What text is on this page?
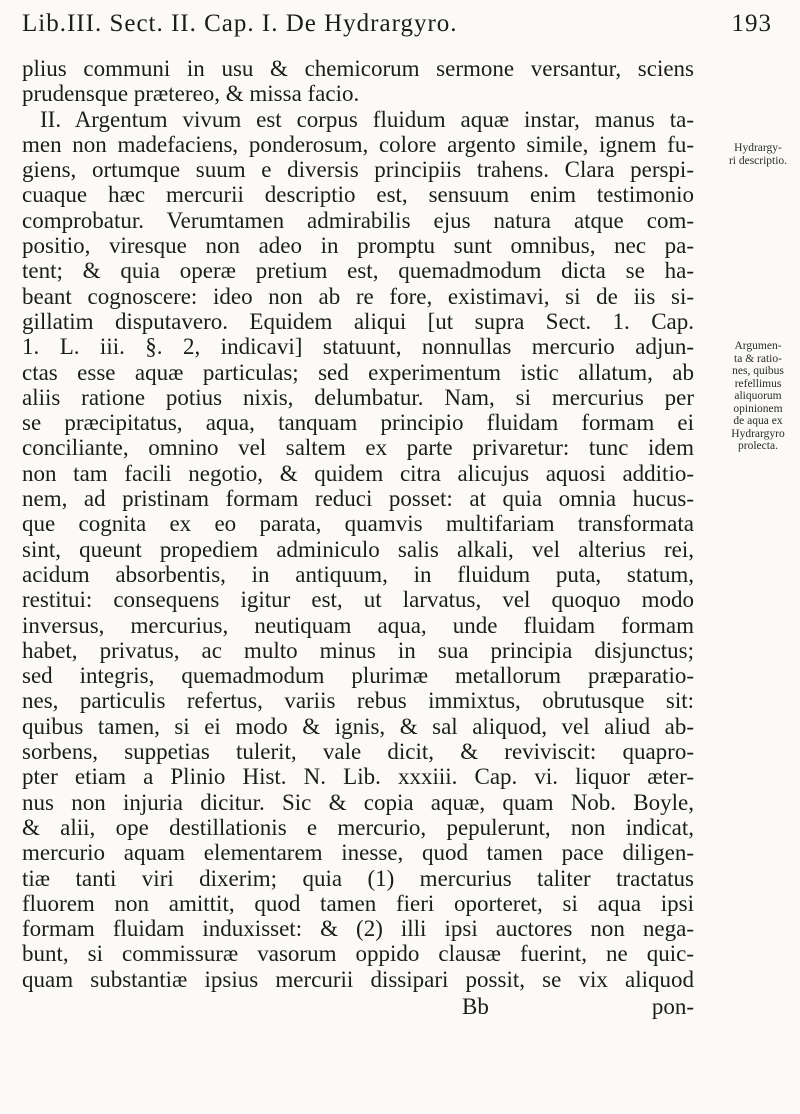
Lib.III. Sect. II. Cap. I. De Hydrargyro.	193
plius communi in usu & chemicorum sermone versantur, sciens
prudensque prætereo, & missa facio.
II. Argentum vivum est corpus fluidum aquæ instar, manus ta-
men non madefaciens, ponderosum, colore argento simile, ignem fu-
giens, ortumque suum e diversis principiis trahens. Clara perspi-
cuaque hæc mercurii descriptio est, sensuum enim testimonio
comprobatur. Verumtamen admirabilis ejus natura atque com-
positio, viresque non adeo in promptu sunt omnibus, nec pa-
tent; & quia operæ pretium est, quemadmodum dicta se ha-
beant cognoscere: ideo non ab re fore, existimavi, si de iis si-
gillatim disputavero. Equidem aliqui [ut supra Sect. 1. Cap.
1. L. iii. §. 2, indicavi] statuunt, nonnullas mercurio adjun-
ctas esse aquæ particulas; sed experimentum istic allatum, ab
aliis ratione potius nixis, delumbatur. Nam, si mercurius per
se præcipitatus, aqua, tanquam principio fluidam formam ei
conciliante, omnino vel saltem ex parte privaretur: tunc idem
non tam facili negotio, & quidem citra alicujus aquosi additio-
nem, ad pristinam formam reduci posset: at quia omnia hucus-
que cognita ex eo parata, quamvis multifariam transformata
sint, queunt propediem adminiculo salis alkali, vel alterius rei,
acidum absorbentis, in antiquum, in fluidum puta, statum,
restitui: consequens igitur est, ut larvatus, vel quoquo modo
inversus, mercurius, neutiquam aqua, unde fluidam formam
habet, privatus, ac multo minus in sua principia disjunctus;
sed integris, quemadmodum plurimæ metallorum præparatio-
nes, particulis refertus, variis rebus immixtus, obrutusque sit:
quibus tamen, si ei modo & ignis, & sal aliquod, vel aliud ab-
sorbens, suppetias tulerit, vale dicit, & reviviscit: quapro-
pter etiam a Plinio Hist. N. Lib. xxxiii. Cap. vi. liquor æter-
nus non injuria dicitur. Sic & copia aquæ, quam Nob. Boyle,
& alii, ope destillationis e mercurio, pepulerunt, non indicat,
mercurio aquam elementarem inesse, quod tamen pace diligen-
tiæ tanti viri dixerim; quia (1) mercurius taliter tractatus
fluorem non amittit, quod tamen fieri oporteret, si aqua ipsi
formam fluidam induxisset: & (2) illi ipsi auctores non nega-
bunt, si commissuræ vasorum oppido clausæ fuerint, ne quic-
quam substantiæ ipsius mercurii dissipari possit, se vix aliquod
Bb	pon-
Hydrargy-
ri descriptio.
Argumen-
ta & ratio-
nes, quibus
refellimus
aliquorum
opinionem
de aqua ex
Hydrargyro
prolecta.
